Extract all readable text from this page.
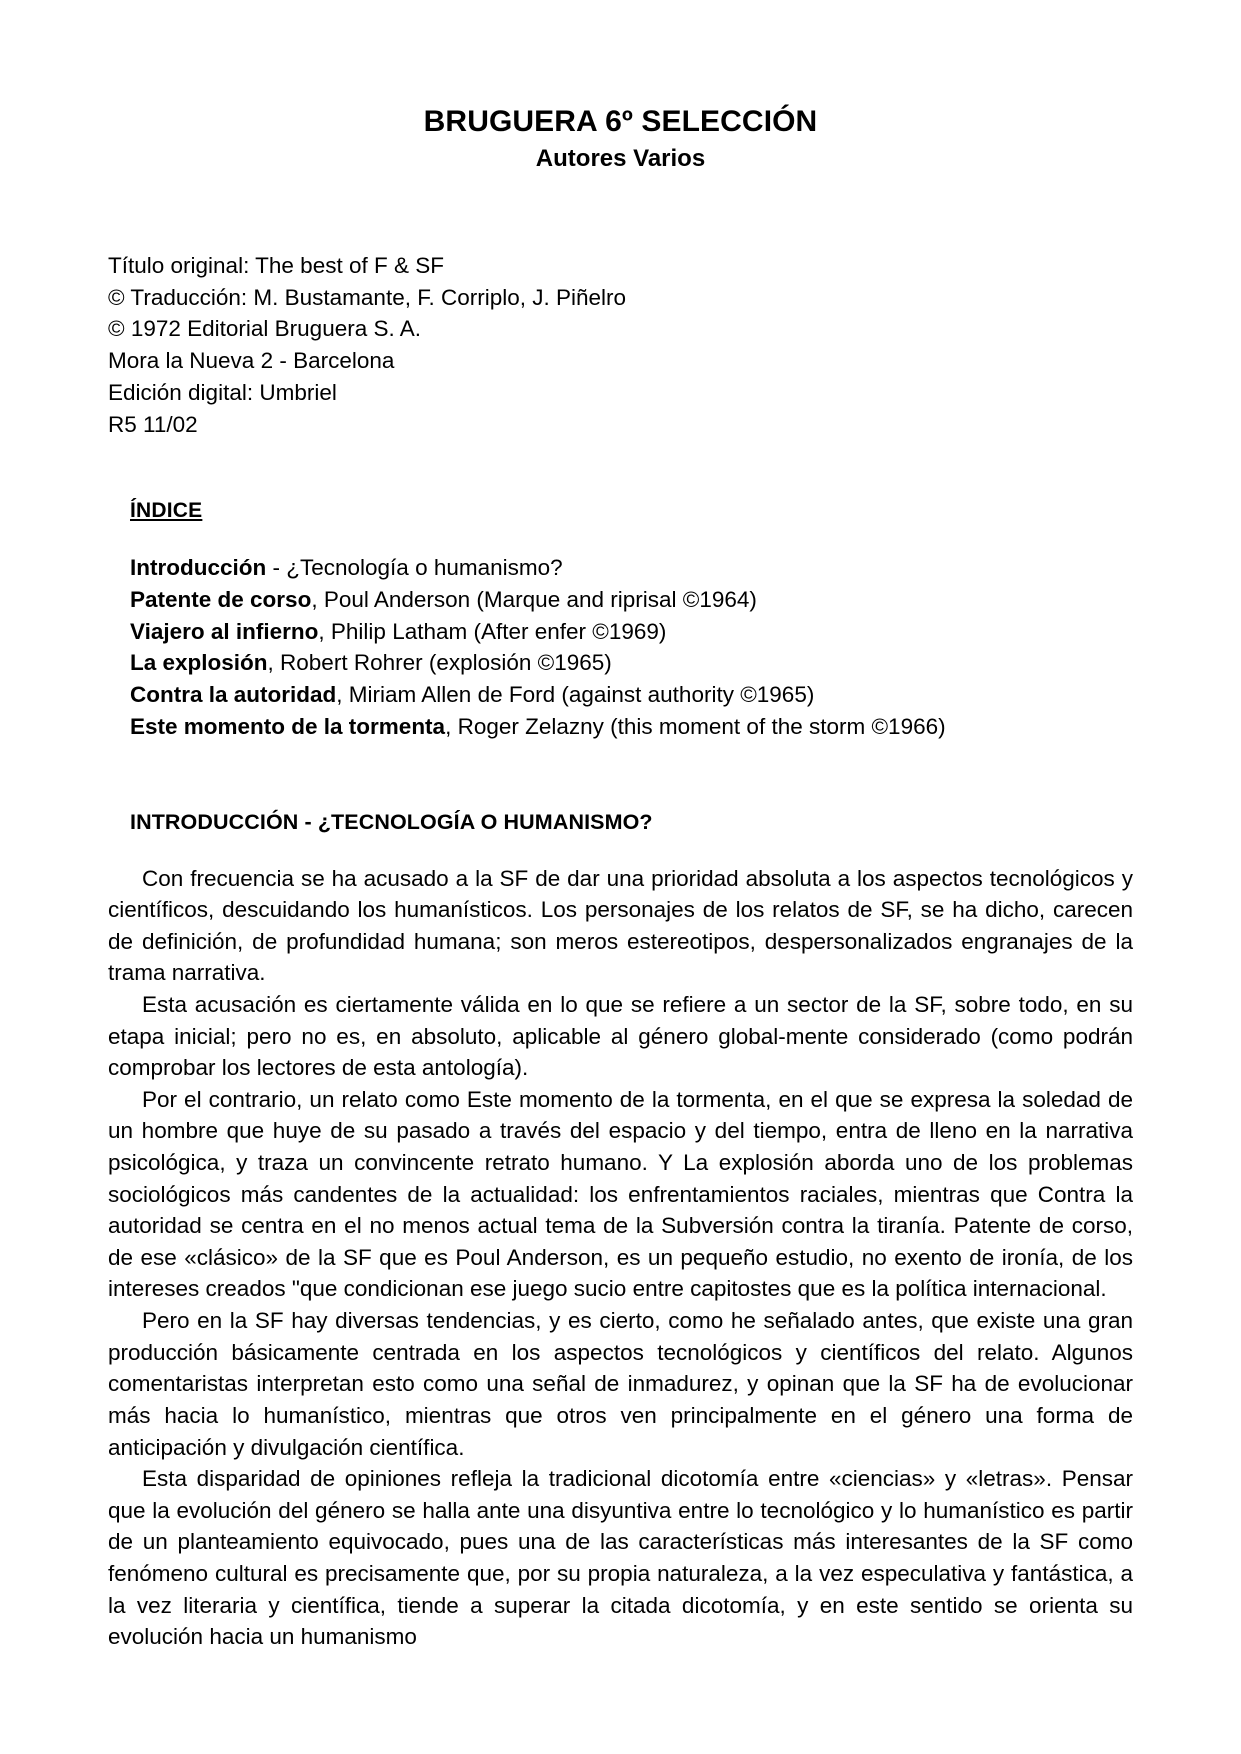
BRUGUERA 6º SELECCIÓN
Autores Varios
Título original: The best of F & SF
© Traducción: M. Bustamante, F. Corriplo, J. Piñelro
© 1972 Editorial Bruguera S. A.
Mora la Nueva 2 - Barcelona
Edición digital: Umbriel
R5 11/02
ÍNDICE
Introducción - ¿Tecnología o humanismo?
Patente de corso, Poul Anderson (Marque and riprisal ©1964)
Viajero al infierno, Philip Latham (After enfer ©1969)
La explosión, Robert Rohrer (explosión ©1965)
Contra la autoridad, Miriam Allen de Ford (against authority ©1965)
Este momento de la tormenta, Roger Zelazny (this moment of the storm ©1966)
INTRODUCCIÓN - ¿TECNOLOGÍA O HUMANISMO?

Con frecuencia se ha acusado a la SF de dar una prioridad absoluta a los aspectos tecnológicos y científicos, descuidando los humanísticos. Los personajes de los relatos de SF, se ha dicho, carecen de definición, de profundidad humana; son meros estereotipos, despersonalizados engranajes de la trama narrativa.

Esta acusación es ciertamente válida en lo que se refiere a un sector de la SF, sobre todo, en su etapa inicial; pero no es, en absoluto, aplicable al género global-mente considerado (como podrán comprobar los lectores de esta antología).

Por el contrario, un relato como Este momento de la tormenta, en el que se expresa la soledad de un hombre que huye de su pasado a través del espacio y del tiempo, entra de lleno en la narrativa psicológica, y traza un convincente retrato humano. Y La explosión aborda uno de los problemas sociológicos más candentes de la actualidad: los enfrentamientos raciales, mientras que Contra la autoridad se centra en el no menos actual tema de la Subversión contra la tiranía. Patente de corso, de ese «clásico» de la SF que es Poul Anderson, es un pequeño estudio, no exento de ironía, de los intereses creados "que condicionan ese juego sucio entre capitostes que es la política internacional.

Pero en la SF hay diversas tendencias, y es cierto, como he señalado antes, que existe una gran producción básicamente centrada en los aspectos tecnológicos y científicos del relato. Algunos comentaristas interpretan esto como una señal de inmadurez, y opinan que la SF ha de evolucionar más hacia lo humanístico, mientras que otros ven principalmente en el género una forma de anticipación y divulgación científica.

Esta disparidad de opiniones refleja la tradicional dicotomía entre «ciencias» y «letras». Pensar que la evolución del género se halla ante una disyuntiva entre lo tecnológico y lo humanístico es partir de un planteamiento equivocado, pues una de las características más interesantes de la SF como fenómeno cultural es precisamente que, por su propia naturaleza, a la vez especulativa y fantástica, a la vez literaria y científica, tiende a superar la citada dicotomía, y en este sentido se orienta su evolución hacia un humanismo
